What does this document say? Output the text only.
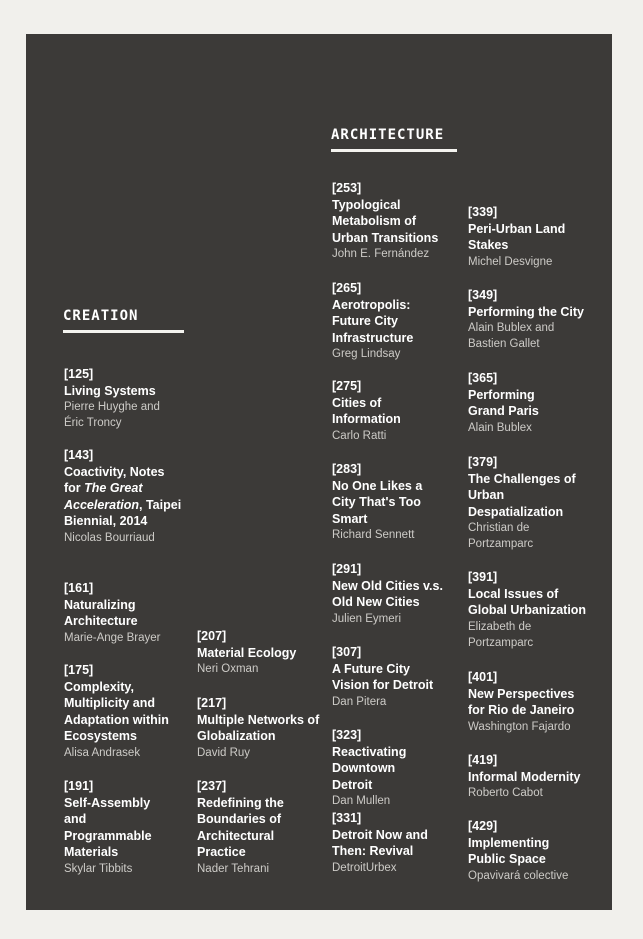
CREATION
ARCHITECTURE
[125]
Living Systems
Pierre Huyghe and Éric Troncy
[143]
Coactivity, Notes for The Great Acceleration, Taipei Biennial, 2014
Nicolas Bourriaud
[161]
Naturalizing Architecture
Marie-Ange Brayer
[175]
Complexity, Multiplicity and Adaptation within Ecosystems
Alisa Andrasek
[191]
Self-Assembly and Programmable Materials
Skylar Tibbits
[207]
Material Ecology
Neri Oxman
[217]
Multiple Networks of Globalization
David Ruy
[237]
Redefining the Boundaries of Architectural Practice
Nader Tehrani
[253]
Typological Metabolism of Urban Transitions
John E. Fernández
[265]
Aerotropolis: Future City Infrastructure
Greg Lindsay
[275]
Cities of Information
Carlo Ratti
[283]
No One Likes a City That's Too Smart
Richard Sennett
[291]
New Old Cities v.s. Old New Cities
Julien Eymeri
[307]
A Future City Vision for Detroit
Dan Pitera
[323]
Reactivating Downtown Detroit
Dan Mullen
[331]
Detroit Now and Then: Revival
DetroitUrbex
[339]
Peri-Urban Land Stakes
Michel Desvigne
[349]
Performing the City
Alain Bublex and Bastien Gallet
[365]
Performing Grand Paris
Alain Bublex
[379]
The Challenges of Urban Despatialization
Christian de Portzamparc
[391]
Local Issues of Global Urbanization
Elizabeth de Portzamparc
[401]
New Perspectives for Rio de Janeiro
Washington Fajardo
[419]
Informal Modernity
Roberto Cabot
[429]
Implementing Public Space
Opavivará colective
